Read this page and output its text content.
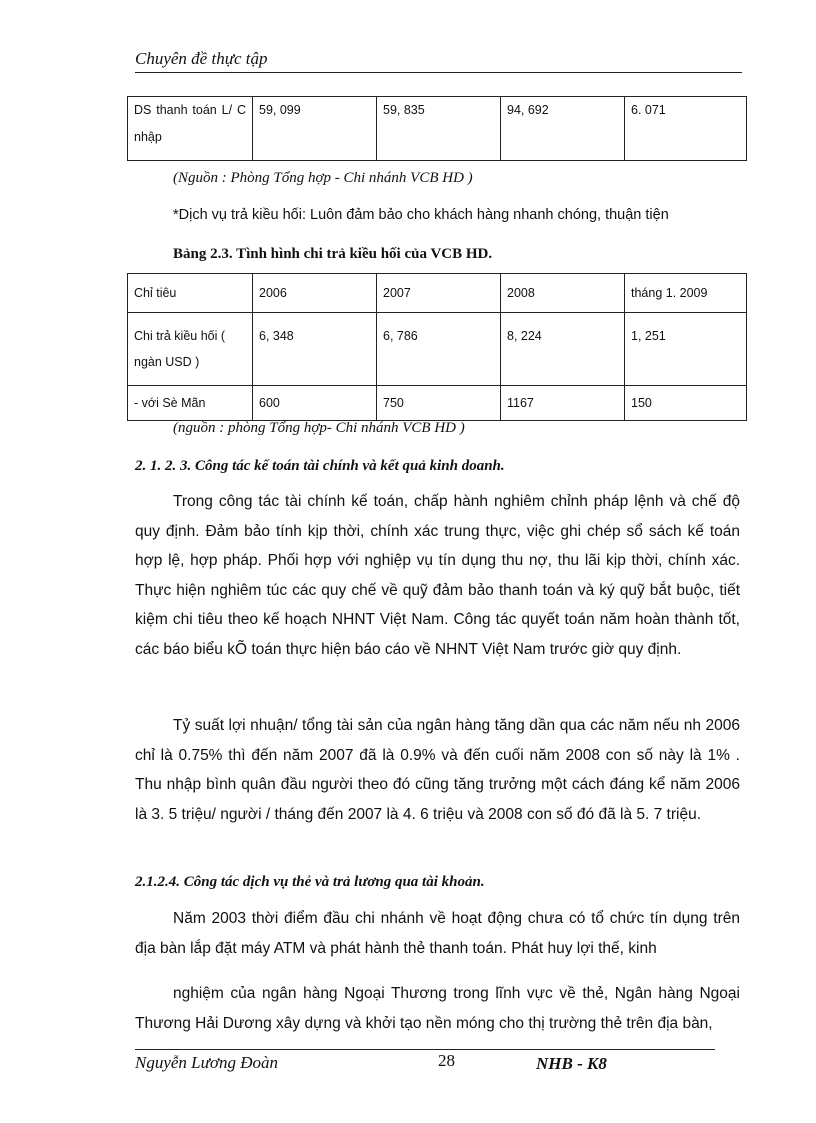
Chuyên đề thực tập
DS thanh toán L/ C nhập	59, 099	59, 835	94, 692	6. 071
(Nguồn : Phòng Tổng hợp - Chi nhánh VCB HD )
*Dịch vụ trả kiều hối: Luôn đảm bảo cho khách hàng nhanh chóng, thuận tiện
Bảng 2.3. Tình hình chi trả kiều hối của VCB HD.
Chỉ tiêu	2006	2007	2008	tháng 1. 2009
Chi trả kiều hối ( ngàn USD )	6, 348	6, 786	8, 224	1, 251
- với Sè Mãn	600	750	1167	150
(nguồn : phòng Tổng hợp- Chi nhánh VCB HD )
2. 1. 2. 3. Công tác kế toán tài chính và kết quả kinh doanh.
Trong công tác tài chính kế toán, chấp hành nghiêm chỉnh pháp lệnh và chế độ quy định. Đảm bảo tính kịp thời, chính xác trung thực, việc ghi chép sổ sách kế toán hợp lệ, hợp pháp. Phối hợp với nghiệp vụ tín dụng thu nợ, thu lãi kịp thời, chính xác. Thực hiện nghiêm túc các quy chế về quỹ đảm bảo thanh toán và ký quỹ bắt buộc, tiết kiệm chi tiêu theo kế hoạch NHNT Việt Nam. Công tác quyết toán năm hoàn thành tốt, các báo biểu kÕ toán thực hiện báo cáo về NHNT Việt Nam trước giờ quy định.
Tỷ suất lợi nhuận/ tổng tài sản của ngân hàng tăng dần qua các năm nếu nh 2006 chỉ là 0.75% thì đến năm 2007 đã là 0.9% và đến cuối năm 2008 con số này là 1% . Thu nhập bình quân đầu người theo đó cũng tăng trưởng một cách đáng kể năm 2006 là 3. 5 triệu/ người / tháng đến 2007 là 4. 6 triệu và 2008 con số đó đã là 5. 7 triệu.
2.1.2.4. Công tác dịch vụ thẻ và trả lương qua tài khoản.
Năm 2003 thời điểm đầu chi nhánh về hoạt động chưa có tổ chức tín dụng trên địa bàn lắp đặt máy ATM và phát hành thẻ thanh toán. Phát huy lợi thế, kinh
nghiệm của ngân hàng Ngoại Thương trong lĩnh vực về thẻ, Ngân hàng Ngoại Thương Hải Dương xây dựng và khởi tạo nền móng cho thị trường thẻ trên địa bàn,
Nguyễn Lương Đoàn	28	NHB - K8
